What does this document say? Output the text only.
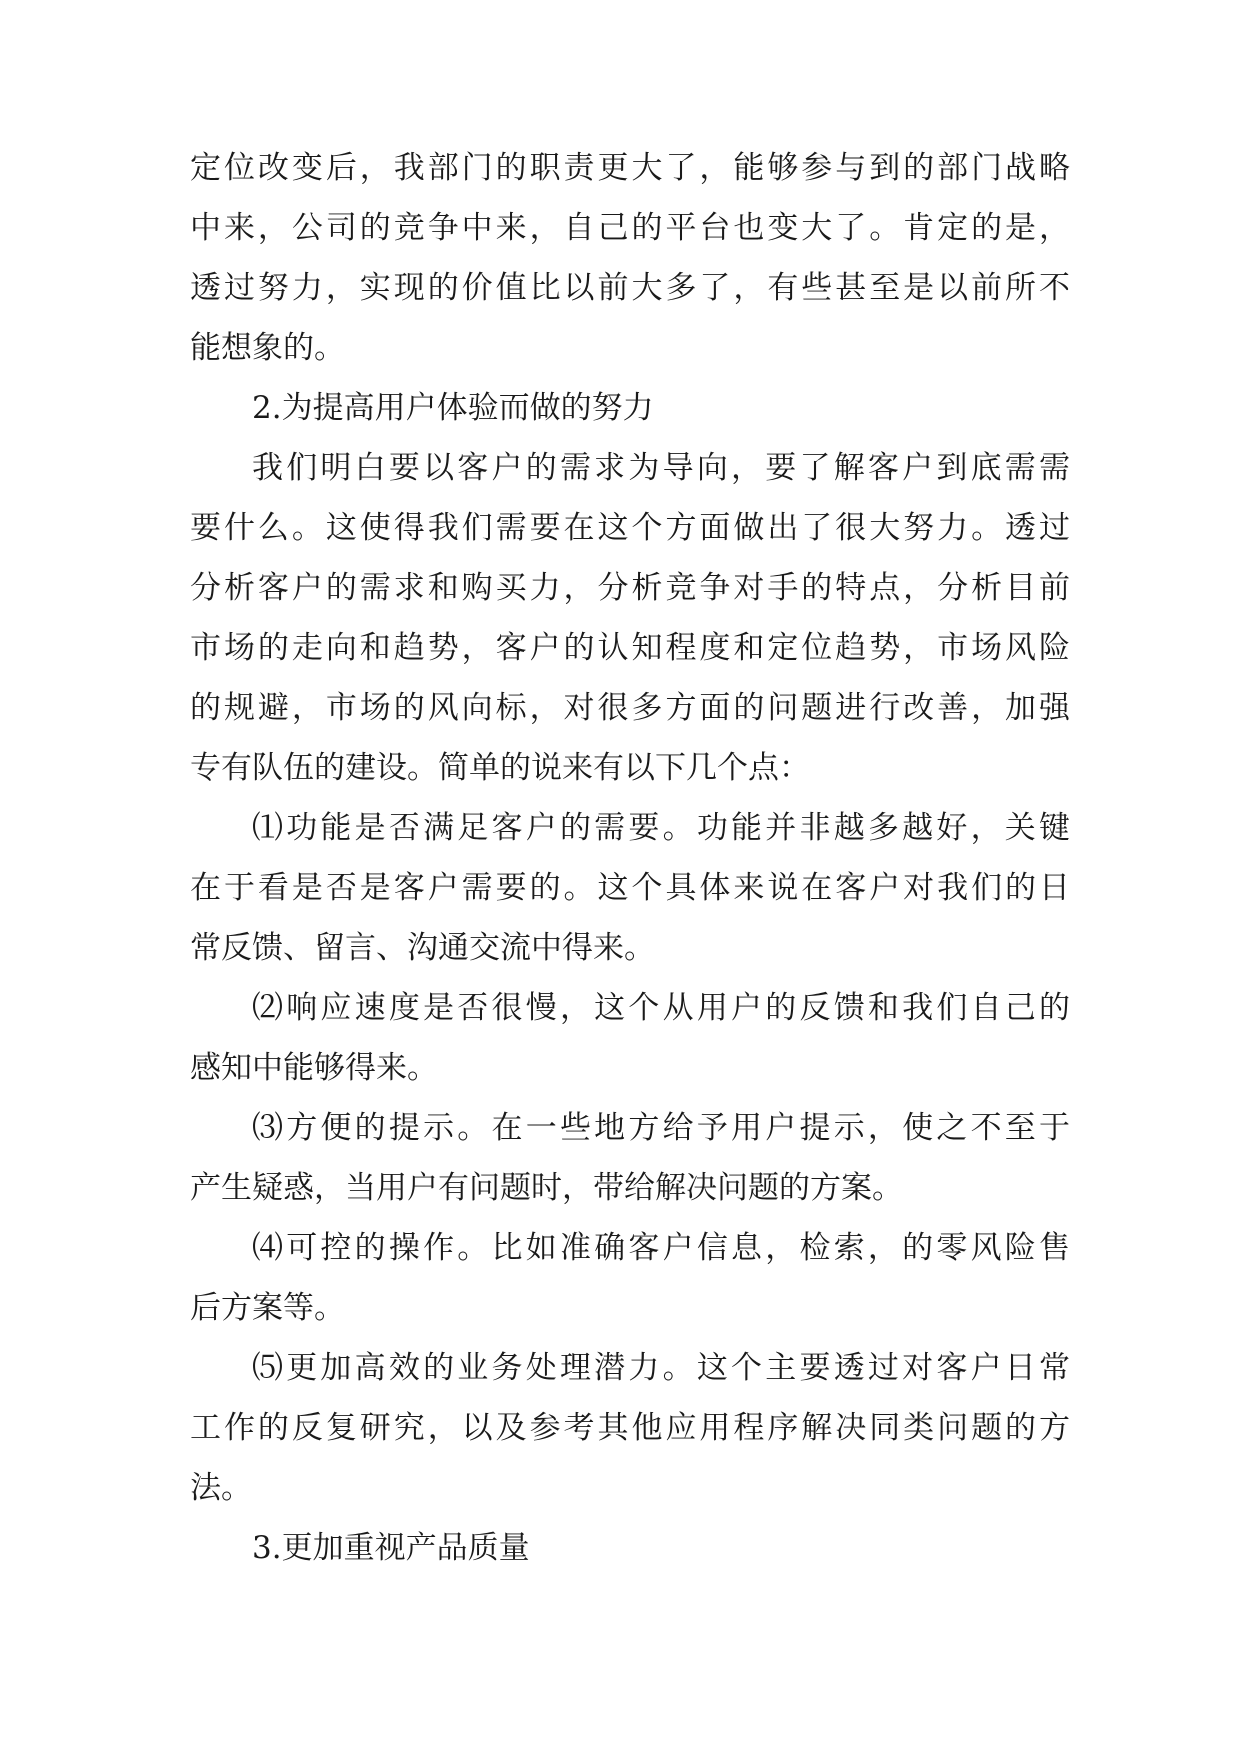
定位改变后，我部门的职责更大了，能够参与到的部门战略
中来，公司的竞争中来，自己的平台也变大了。肯定的是，
透过努力，实现的价值比以前大多了，有些甚至是以前所不
能想象的。
2.为提高用户体验而做的努力
我们明白要以客户的需求为导向，要了解客户到底需需
要什么。这使得我们需要在这个方面做出了很大努力。透过
分析客户的需求和购买力，分析竞争对手的特点，分析目前
市场的走向和趋势，客户的认知程度和定位趋势，市场风险
的规避，市场的风向标，对很多方面的问题进行改善，加强
专有队伍的建设。简单的说来有以下几个点：
⑴功能是否满足客户的需要。功能并非越多越好，关键
在于看是否是客户需要的。这个具体来说在客户对我们的日
常反馈、留言、沟通交流中得来。
⑵响应速度是否很慢，这个从用户的反馈和我们自己的
感知中能够得来。
⑶方便的提示。在一些地方给予用户提示，使之不至于
产生疑惑，当用户有问题时，带给解决问题的方案。
⑷可控的操作。比如准确客户信息，检索，的零风险售
后方案等。
⑸更加高效的业务处理潜力。这个主要透过对客户日常
工作的反复研究，以及参考其他应用程序解决同类问题的方
法。
3.更加重视产品质量
